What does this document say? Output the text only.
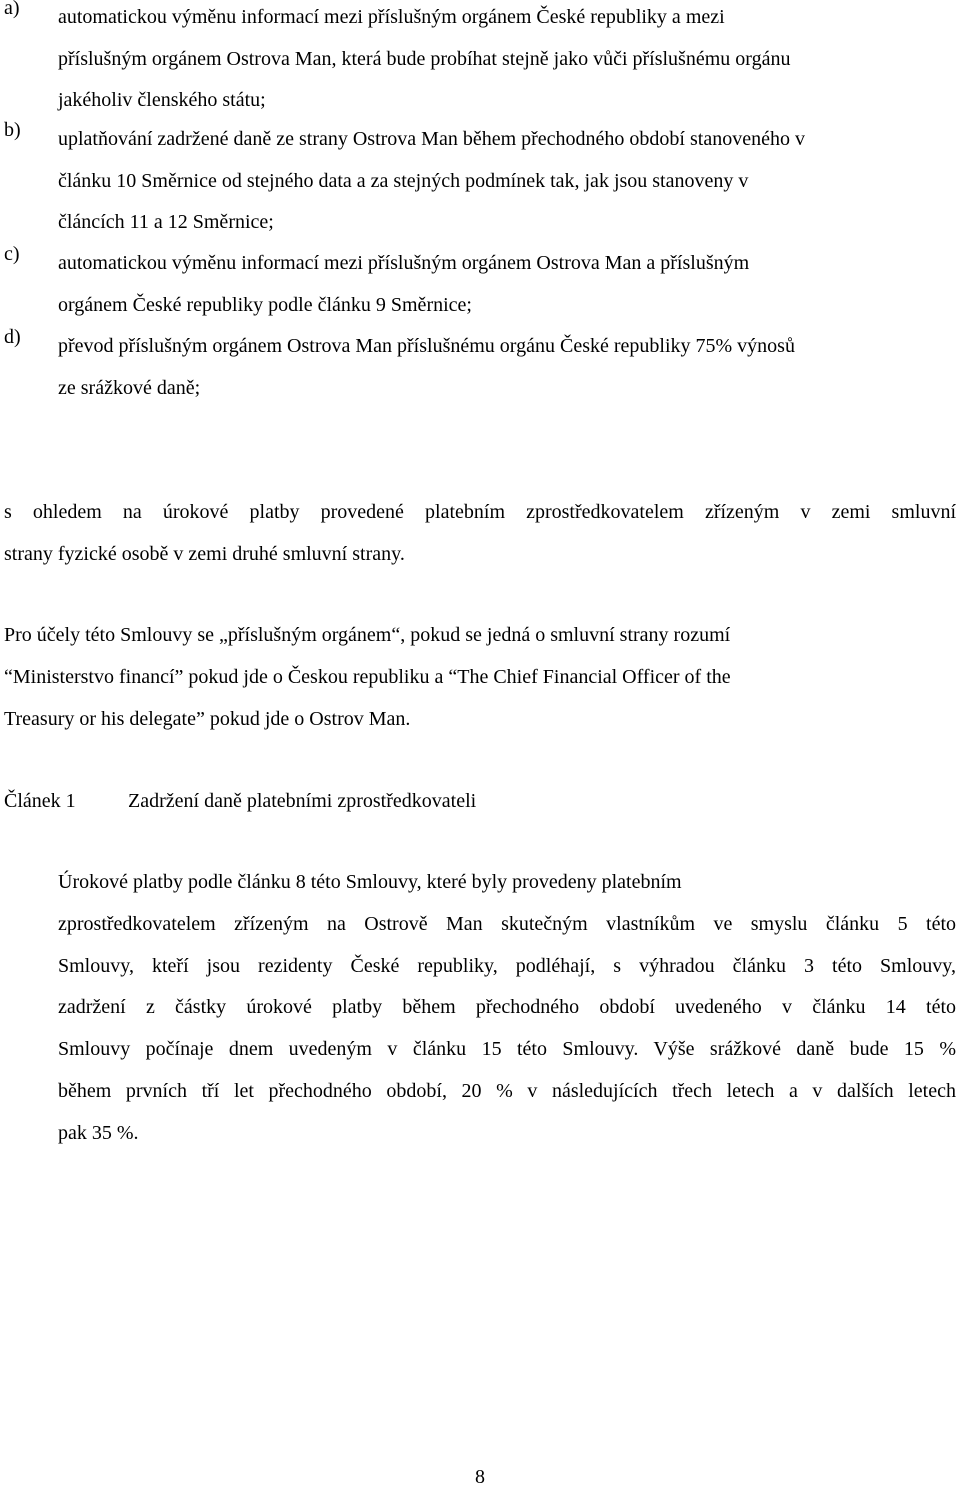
a) automatickou výměnu informací mezi příslušným orgánem České republiky a mezi
příslušným orgánem Ostrova Man, která bude probíhat stejně jako vůči příslušnému orgánu
jakéholiv členského státu;
b) uplatňování zadržené daně ze strany Ostrova Man během přechodného období stanoveného v
článku 10 Směrnice od stejného data a za stejných podmínek tak, jak jsou stanoveny v
článcích 11 a 12 Směrnice;
c) automatickou výměnu informací mezi příslušným orgánem Ostrova Man a příslušným
orgánem České republiky podle článku 9 Směrnice;
d) převod příslušným orgánem Ostrova Man příslušnému orgánu České republiky 75% výnosů
ze srážkové daně;
s ohledem na úrokové platby provedené platebním zprostředkovatelem zřízeným v zemi smluvní
strany fyzické osobě v zemi druhé smluvní strany.
Pro účely této Smlouvy se „příslušným orgánem“, pokud se jedná o smluvní strany rozumí
“Ministerstvo financí” pokud jde o Českou republiku a “The Chief Financial Officer of the
Treasury or his delegate” pokud jde o Ostrov Man.
Článek 1	Zadržení daně platebními zprostředkovateli
Úrokové platby podle článku 8 této Smlouvy, které byly provedeny platebním
zprostředkovatelem zřízeným na Ostrově Man skutečným vlastníkům ve smyslu článku 5 této
Smlouvy, kteří jsou rezidenty České republiky, podléhají, s výhradou článku 3 této Smlouvy,
zadržení z částky úrokové platby během přechodného období uvedeného v článku 14 této
Smlouvy počínaje dnem uvedeným v článku 15 této Smlouvy. Výše srážkové daně bude 15 %
během prvních tří let přechodného období, 20 % v následujících třech letech a v dalších letech
pak 35 %.
8
